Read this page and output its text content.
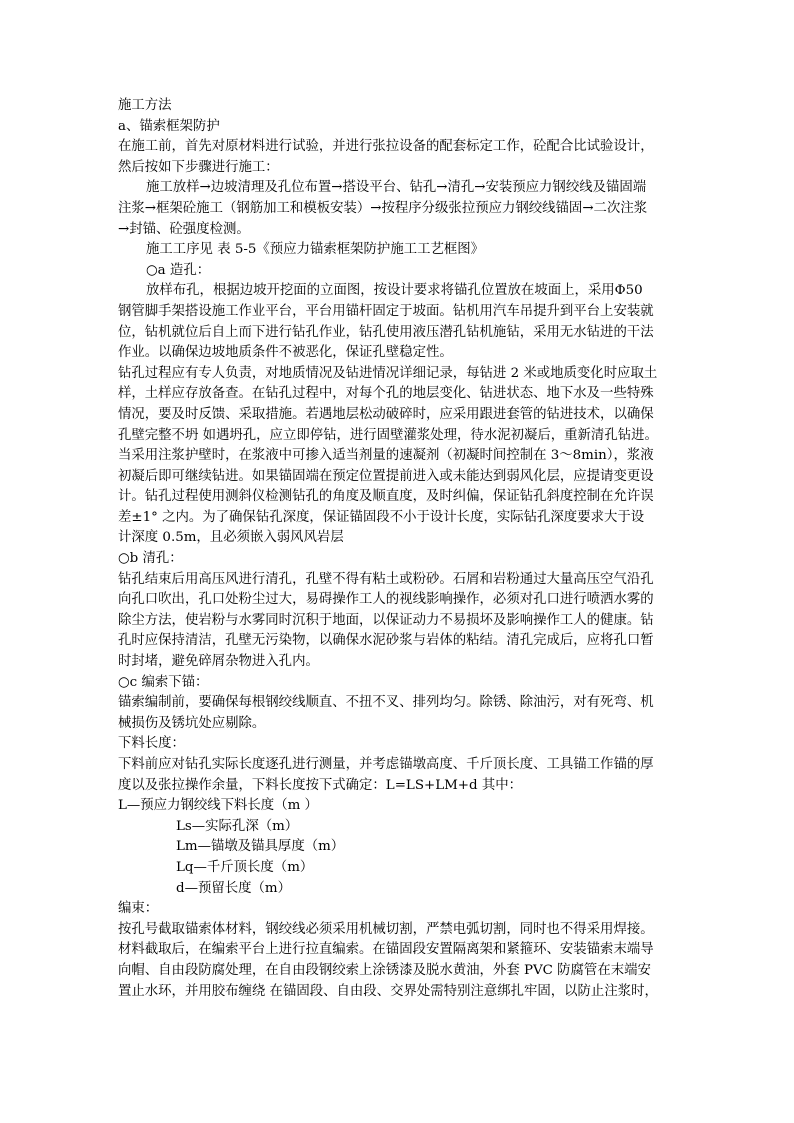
施工方法

a、锚索框架防护

在施工前，首先对原材料进行试验，并进行张拉设备的配套标定工作，砼配合比试验设计，

然后按如下步骤进行施工：

施工放样→边坡清理及孔位布置→搭设平台、钻孔→清孔→安装预应力钢绞线及锚固端

注浆→框架砼施工（钢筋加工和模板安装）→按程序分级张拉预应力钢绞线锚固→二次注浆

→封锚、砼强度检测。

施工工序见 表 5-5《预应力锚索框架防护施工工艺框图》

○a 造孔：

放样布孔，根据边坡开挖面的立面图，按设计要求将锚孔位置放在坡面上，采用Φ50

钢管脚手架搭设施工作业平台，平台用锚杆固定于坡面。钻机用汽车吊提升到平台上安装就

位，钻机就位后自上而下进行钻孔作业，钻孔使用液压潜孔钻机施钻，采用无水钻进的干法

作业。以确保边坡地质条件不被恶化，保证孔壁稳定性。

钻孔过程应有专人负责，对地质情况及钻进情况详细记录，每钻进 2 米或地质变化时应取土

样，土样应存放备查。在钻孔过程中，对每个孔的地层变化、钻进状态、地下水及一些特殊

情况，要及时反馈、采取措施。若遇地层松动破碎时，应采用跟进套管的钻进技术，以确保

孔壁完整不坍 如遇坍孔，应立即停钻，进行固壁灌浆处理，待水泥初凝后，重新清孔钻进。

当采用注浆护壁时，在浆液中可掺入适当剂量的速凝剂（初凝时间控制在 3～8min），浆液

初凝后即可继续钻进。如果锚固端在预定位置提前进入或未能达到弱风化层，应提请变更设

计。钻孔过程使用测斜仪检测钻孔的角度及顺直度，及时纠偏，保证钻孔斜度控制在允许误

差±1° 之内。为了确保钻孔深度，保证锚固段不小于设计长度，实际钻孔深度要求大于设

计深度 0.5m，且必须嵌入弱风风岩层

○b 清孔：

钻孔结束后用高压风进行清孔，孔壁不得有粘土或粉砂。石屑和岩粉通过大量高压空气沿孔

向孔口吹出，孔口处粉尘过大，易碍操作工人的视线影响操作，必须对孔口进行喷洒水雾的

除尘方法，使岩粉与水雾同时沉积于地面，以保证动力不易损坏及影响操作工人的健康。钻

孔时应保持清洁，孔壁无污染物，以确保水泥砂浆与岩体的粘结。清孔完成后，应将孔口暂

时封堵，避免碎屑杂物进入孔内。

○c 编索下锚：

锚索编制前，要确保每根钢绞线顺直、不扭不叉、排列均匀。除锈、除油污，对有死弯、机

械损伤及锈坑处应剔除。

下料长度：

下料前应对钻孔实际长度逐孔进行测量，并考虑锚墩高度、千斤顶长度、工具锚工作锚的厚

度以及张拉操作余量，下料长度按下式确定：L=LS+LM+d 其中：

L—预应力钢绞线下料长度（m ）

Ls—实际孔深（m）

Lm—锚墩及锚具厚度（m）

Lq—千斤顶长度（m）

d—预留长度（m）

编束：

按孔号截取锚索体材料，钢绞线必须采用机械切割，严禁电弧切割，同时也不得采用焊接。

材料截取后，在编索平台上进行拉直编索。在锚固段安置隔离架和紧箍环、安装锚索末端导

向帽、自由段防腐处理，在自由段钢绞索上涂锈漆及脱水黄油，外套 PVC 防腐管在末端安

置止水环，并用胶布缠绕 在锚固段、自由段、交界处需特别注意绑扎牢固，以防止注浆时，
